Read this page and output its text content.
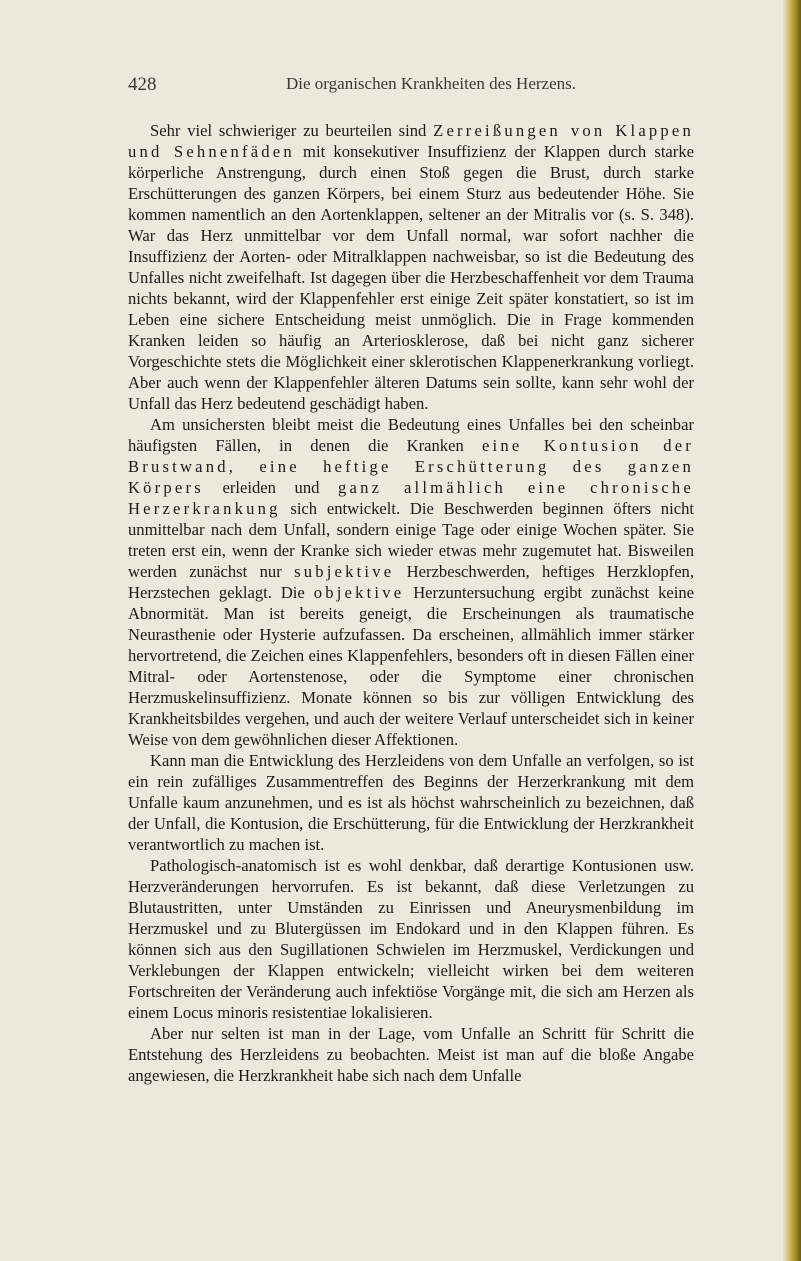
428	Die organischen Krankheiten des Herzens.

Sehr viel schwieriger zu beurteilen sind Zerreißungen von Klappen und Sehnenfäden mit konsekutiver Insuffizienz der Klappen durch starke körperliche Anstrengung, durch einen Stoß gegen die Brust, durch starke Erschütterungen des ganzen Körpers, bei einem Sturz aus bedeutender Höhe. Sie kommen namentlich an den Aortenklappen, seltener an der Mitralis vor (s. S. 348). War das Herz unmittelbar vor dem Unfall normal, war sofort nachher die Insuffizienz der Aorten- oder Mitralklappen nachweisbar, so ist die Bedeutung des Unfalles nicht zweifelhaft. Ist dagegen über die Herzbeschaffenheit vor dem Trauma nichts bekannt, wird der Klappenfehler erst einige Zeit später konstatiert, so ist im Leben eine sichere Entscheidung meist unmöglich. Die in Frage kommenden Kranken leiden so häufig an Arteriosklerose, daß bei nicht ganz sicherer Vorgeschichte stets die Möglichkeit einer sklerotischen Klappenerkrankung vorliegt. Aber auch wenn der Klappenfehler älteren Datums sein sollte, kann sehr wohl der Unfall das Herz bedeutend geschädigt haben.

Am unsichersten bleibt meist die Bedeutung eines Unfalles bei den scheinbar häufigsten Fällen, in denen die Kranken eine Kontusion der Brustwand, eine heftige Erschütterung des ganzen Körpers erleiden und ganz allmählich eine chronische Herzerkrankung sich entwickelt. Die Beschwerden beginnen öfters nicht unmittelbar nach dem Unfall, sondern einige Tage oder einige Wochen später. Sie treten erst ein, wenn der Kranke sich wieder etwas mehr zugemutet hat. Bisweilen werden zunächst nur subjektive Herzbeschwerden, heftiges Herzklopfen, Herzstechen geklagt. Die objektive Herzuntersuchung ergibt zunächst keine Abnormität. Man ist bereits geneigt, die Erscheinungen als traumatische Neurasthenie oder Hysterie aufzufassen. Da erscheinen, allmählich immer stärker hervortretend, die Zeichen eines Klappenfehlers, besonders oft in diesen Fällen einer Mitral- oder Aortenstenose, oder die Symptome einer chronischen Herzmuskelinsuffizienz. Monate können so bis zur völligen Entwicklung des Krankheitsbildes vergehen, und auch der weitere Verlauf unterscheidet sich in keiner Weise von dem gewöhnlichen dieser Affektionen.

Kann man die Entwicklung des Herzleidens von dem Unfalle an verfolgen, so ist ein rein zufälliges Zusammentreffen des Beginns der Herzerkrankung mit dem Unfalle kaum anzunehmen, und es ist als höchst wahrscheinlich zu bezeichnen, daß der Unfall, die Kontusion, die Erschütterung, für die Entwicklung der Herzkrankheit verantwortlich zu machen ist.

Pathologisch-anatomisch ist es wohl denkbar, daß derartige Kontusionen usw. Herzveränderungen hervorrufen. Es ist bekannt, daß diese Verletzungen zu Blutaustritten, unter Umständen zu Einrissen und Aneurysmenbildung im Herzmuskel und zu Blutergüssen im Endokard und in den Klappen führen. Es können sich aus den Sugillationen Schwielen im Herzmuskel, Verdickungen und Verklebungen der Klappen entwickeln; vielleicht wirken bei dem weiteren Fortschreiten der Veränderung auch infektiöse Vorgänge mit, die sich am Herzen als einem Locus minoris resistentiae lokalisieren.

Aber nur selten ist man in der Lage, vom Unfalle an Schritt für Schritt die Entstehung des Herzleidens zu beobachten. Meist ist man auf die bloße Angabe angewiesen, die Herzkrankheit habe sich nach dem Unfalle
